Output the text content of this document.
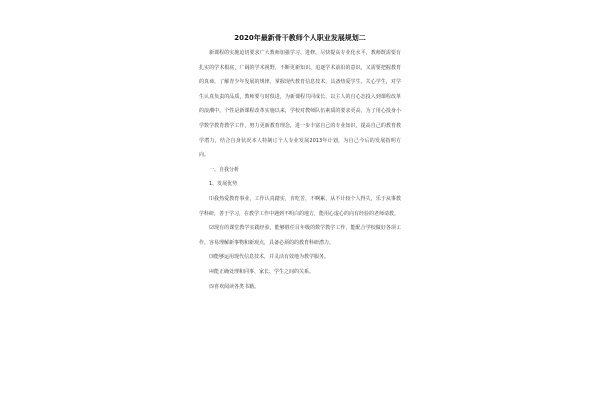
2020年最新骨干教师个人职业发展规划二

新课程的实施迫切要求广大教师加强学习、进修，尽快提高专业化水平，教师既需要有扎实的学术根底，广阔的学术视野，不断更新知识、追逐学术前沿的意识，又需要把握教育的真谛，了解青少年发展的规律，掌握现代教育信息技术，具备热爱学生、关心学生，对学生认真负责的品质，教师要与时俱进，为新课程共同成长，以主人的自心态投入到课程改革的浪潮中。个性是新课程改革实施以来，学校对教师队伍素质的要求更高，为了用心投身小学数学教育教学工作，努力更新教育理念，进一步丰富自己的专业知识，提高自己的教育教学潜力，结合自身状况本人特制订个人专业发展2013年计划，为自己今后的发展指明方向。

一、自我分析
1、发展优势

⑴我热爱教育事业，工作认真踏实，肯吃苦，不啊累，从不计较个人得失，乐于从事教学科研，善于学习，在教学工作中遇到不明白的地方，能用心虚心的向有经验的老师请教。

⑵现有的课堂教学实践经验，能够胜任目年级的数学教学工作，能配合学校做好各项工作，容易理解新事物和新观点，具备必须的的教育科研潜力。

⑶能够运用现代信息技术，并灵活有效地为教学服务。
⑷能正确处理和同事、家长、学生之间的关系。
⑸喜欢阅读各类书籍。
